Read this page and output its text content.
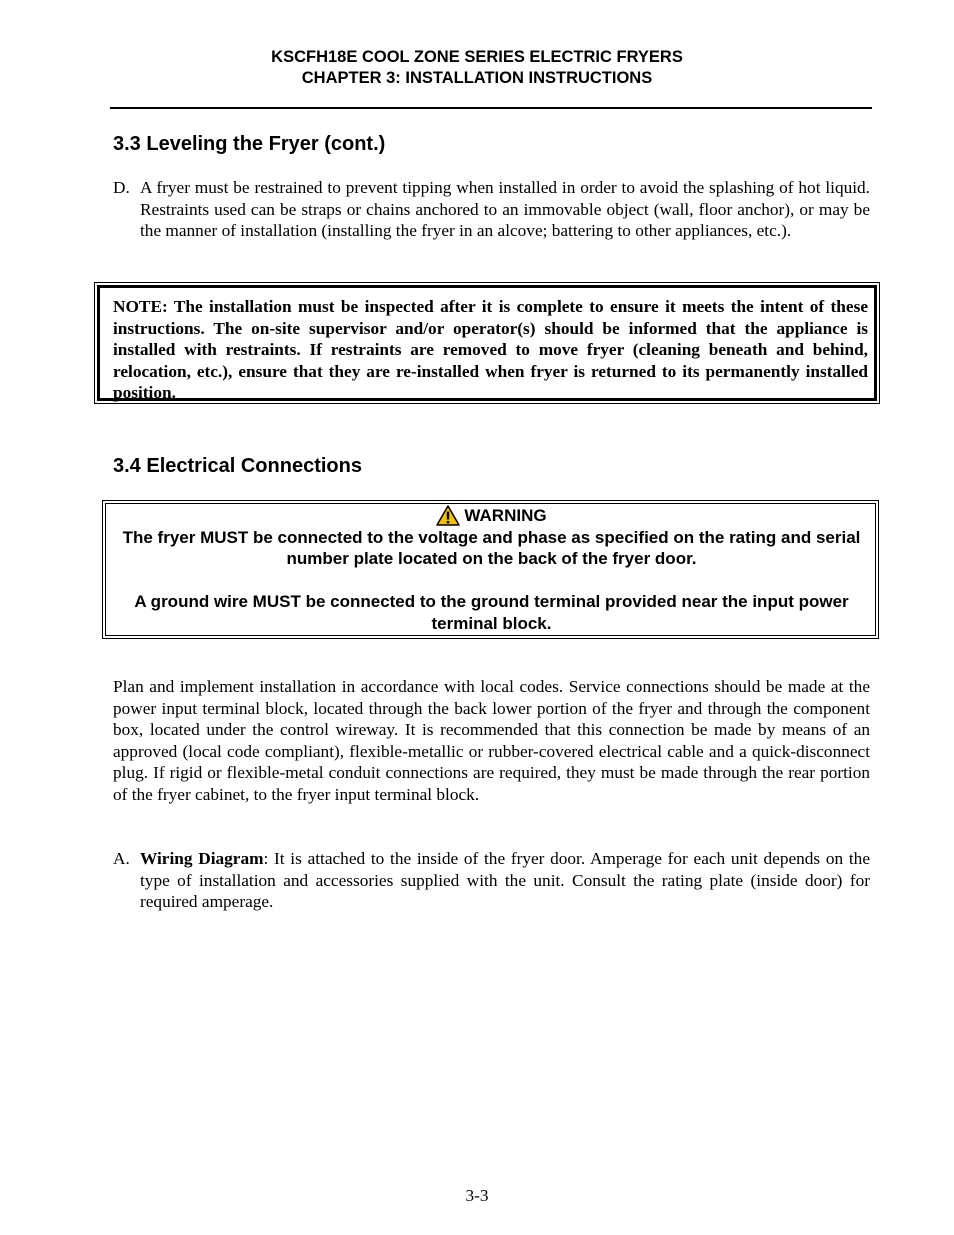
KSCFH18E COOL ZONE SERIES ELECTRIC FRYERS
CHAPTER 3: INSTALLATION INSTRUCTIONS
3.3 Leveling the Fryer (cont.)
D. A fryer must be restrained to prevent tipping when installed in order to avoid the splashing of hot liquid. Restraints used can be straps or chains anchored to an immovable object (wall, floor anchor), or may be the manner of installation (installing the fryer in an alcove; battering to other appliances, etc.).
NOTE: The installation must be inspected after it is complete to ensure it meets the intent of these instructions. The on-site supervisor and/or operator(s) should be informed that the appliance is installed with restraints. If restraints are removed to move fryer (cleaning beneath and behind, relocation, etc.), ensure that they are re-installed when fryer is returned to its permanently installed position.
3.4 Electrical Connections
WARNING
The fryer MUST be connected to the voltage and phase as specified on the rating and serial number plate located on the back of the fryer door.
A ground wire MUST be connected to the ground terminal provided near the input power terminal block.
Plan and implement installation in accordance with local codes. Service connections should be made at the power input terminal block, located through the back lower portion of the fryer and through the component box, located under the control wireway. It is recommended that this connection be made by means of an approved (local code compliant), flexible-metallic or rubber-covered electrical cable and a quick-disconnect plug. If rigid or flexible-metal conduit connections are required, they must be made through the rear portion of the fryer cabinet, to the fryer input terminal block.
A. Wiring Diagram: It is attached to the inside of the fryer door. Amperage for each unit depends on the type of installation and accessories supplied with the unit. Consult the rating plate (inside door) for required amperage.
3-3
